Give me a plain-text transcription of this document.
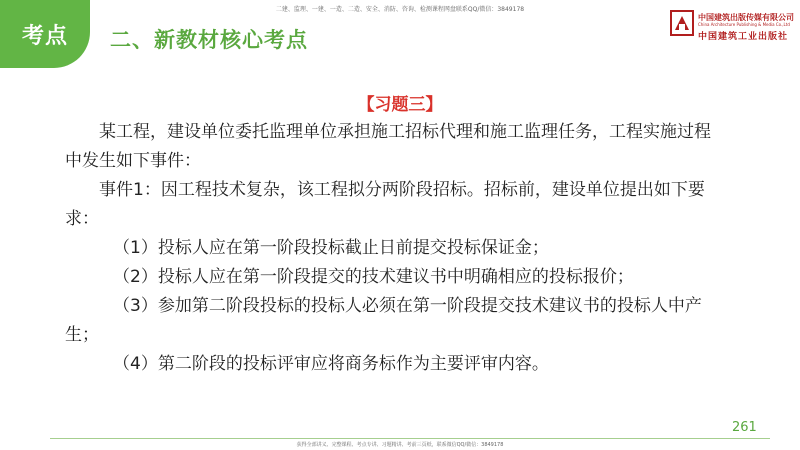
二建、监理、一建、一造、二造、安全、消防、咨询、检测课程网盘联系QQ/微信：3849178
考点 二、新教材核心考点
中国建筑出版传媒有限公司
China Architecture Publishing & Media Co.,Ltd
中国建筑工业出版社
【习题三】

某工程，建设单位委托监理单位承担施工招标代理和施工监理任务，工程实施过程中发生如下事件：

事件1：因工程技术复杂，该工程拟分两阶段招标。招标前，建设单位提出如下要求：

（1）投标人应在第一阶段投标截止日前提交投标保证金；

（2）投标人应在第一阶段提交的技术建议书中明确相应的投标报价；

（3）参加第二阶段投标的投标人必须在第一阶段提交技术建议书的投标人中产生；

（4）第二阶段的投标评审应将商务标作为主要评审内容。

261
获得全部讲义、完整课程、考点专讲、习题精讲、考前三页纸，联系微信QQ/微信：3849178
